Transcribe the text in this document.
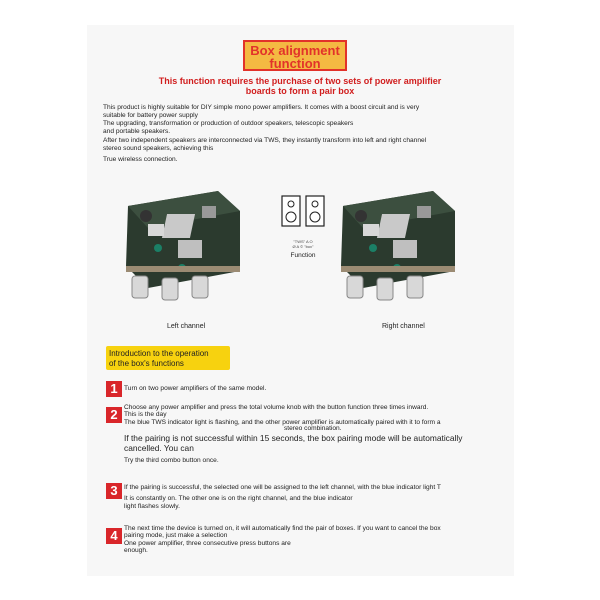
Box alignment
function
This function requires the purchase of two sets of power amplifier
boards to form a pair box
This product is highly suitable for DIY simple mono power amplifiers. It comes with a boost circuit and is very
suitable for battery power supply
The upgrading, transformation or production of outdoor speakers, telescopic speakers
and portable speakers.
After two independent speakers are interconnected via TWS, they instantly transform into left and right channel
stereo sound speakers, achieving this
True wireless connection.
"TWS" A O
Ø A © "box"
Function
Left channel	Right channel
Introduction to the operation
of the box's functions
1 Turn on two power amplifiers of the same model.
2 Choose any power amplifier and press the total volume knob with the button function three times inward.
This is the day
The blue TWS indicator light is flashing, and the other power amplifier is automatically paired with it to form a
stereo combination.
If the pairing is not successful within 15 seconds, the box pairing mode will be automatically
cancelled. You can
Try the third combo button once.
3 If the pairing is successful, the selected one will be assigned to the left channel, with the blue indicator light T
It is constantly on. The other one is on the right channel, and the blue indicator
light flashes slowly.
4 The next time the device is turned on, it will automatically find the pair of boxes. If you want to cancel the box
pairing mode, just make a selection
One power amplifier, three consecutive press buttons are
enough.
